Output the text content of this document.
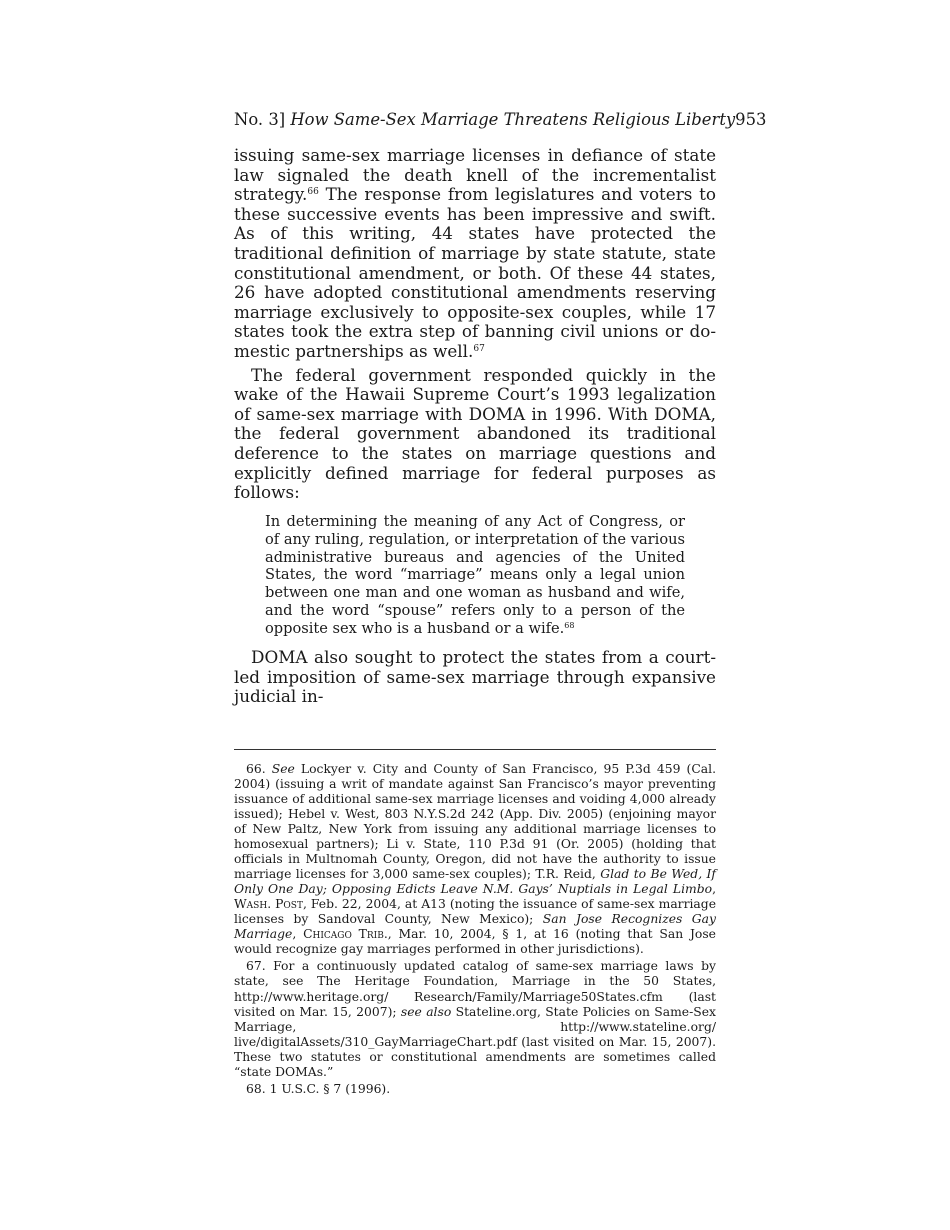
No. 3] How Same-Sex Marriage Threatens Religious Liberty 953

issuing same-sex marriage licenses in defiance of state law signaled the death knell of the incrementalist strategy.$^{66}$ The response from legislatures and voters to these successive events has been impressive and swift. As of this writing, 44 states have protected the traditional definition of marriage by state statute, state constitutional amendment, or both. Of these 44 states, 26 have adopted constitutional amendments reserving marriage exclusively to opposite-sex couples, while 17 states took the extra step of banning civil unions or domestic partnerships as well.$^{67}$

The federal government responded quickly in the wake of the Hawaii Supreme Court’s 1993 legalization of same-sex marriage with DOMA in 1996. With DOMA, the federal government abandoned its traditional deference to the states on marriage questions and explicitly defined marriage for federal purposes as follows:

In determining the meaning of any Act of Congress, or of any ruling, regulation, or interpretation of the various administrative bureaus and agencies of the United States, the word “marriage” means only a legal union between one man and one woman as husband and wife, and the word “spouse” refers only to a person of the opposite sex who is a husband or a wife.$^{68}$

DOMA also sought to protect the states from a court-led imposition of same-sex marriage through expansive judicial in-

66. See Lockyer v. City and County of San Francisco, 95 P.3d 459 (Cal. 2004) (issuing a writ of mandate against San Francisco’s mayor preventing issuance of additional same-sex marriage licenses and voiding 4,000 already issued); Hebel v. West, 803 N.Y.S.2d 242 (App. Div. 2005) (enjoining mayor of New Paltz, New York from issuing any additional marriage licenses to homosexual partners); Li v. State, 110 P.3d 91 (Or. 2005) (holding that officials in Multnomah County, Oregon, did not have the authority to issue marriage licenses for 3,000 same-sex couples); T.R. Reid, Glad to Be Wed, If Only One Day; Opposing Edicts Leave N.M. Gays’ Nuptials in Legal Limbo, Wash. Post, Feb. 22, 2004, at A13 (noting the issuance of same-sex marriage licenses by Sandoval County, New Mexico); San Jose Recognizes Gay Marriage, Chicago Trib., Mar. 10, 2004, § 1, at 16 (noting that San Jose would recognize gay marriages performed in other jurisdictions).

67. For a continuously updated catalog of same-sex marriage laws by state, see The Heritage Foundation, Marriage in the 50 States, http://www.heritage.org/ Research/Family/Marriage50States.cfm (last visited on Mar. 15, 2007); see also Stateline.org, State Policies on Same-Sex Marriage, http://www.stateline.org/ live/digitalAssets/310_GayMarriageChart.pdf (last visited on Mar. 15, 2007). These two statutes or constitutional amendments are sometimes called “state DOMAs.”

68. 1 U.S.C. § 7 (1996).
